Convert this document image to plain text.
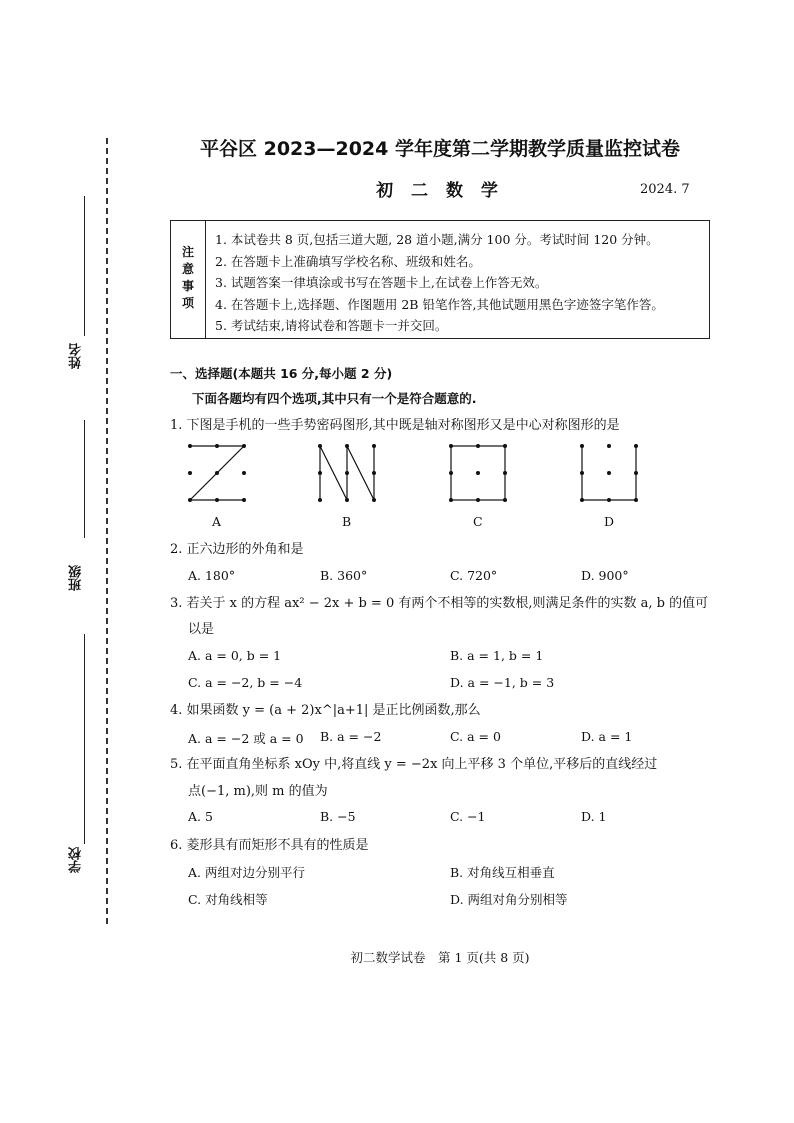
姓名
班级
学校
平谷区 2023—2024 学年度第二学期教学质量监控试卷
初 二 数 学	2024. 7
注
意
事
项
1. 本试卷共 8 页,包括三道大题, 28 道小题,满分 100 分。考试时间 120 分钟。
2. 在答题卡上准确填写学校名称、班级和姓名。
3. 试题答案一律填涂或书写在答题卡上,在试卷上作答无效。
4. 在答题卡上,选择题、作图题用 2B 铅笔作答,其他试题用黑色字迹签字笔作答。
5. 考试结束,请将试卷和答题卡一并交回。
一、选择题(本题共 16 分,每小题 2 分)
下面各题均有四个选项,其中只有一个是符合题意的.
1. 下图是手机的一些手势密码图形,其中既是轴对称图形又是中心对称图形的是
A	B	C	D
2. 正六边形的外角和是
A. 180°	B. 360°	C. 720°	D. 900°
3. 若关于 x 的方程 ax² − 2x + b = 0 有两个不相等的实数根,则满足条件的实数 a, b 的值可
以是
A. a = 0, b = 1	B. a = 1, b = 1
C. a = −2, b = −4	D. a = −1, b = 3
4. 如果函数 y = (a + 2)x^|a+1| 是正比例函数,那么
A. a = −2 或 a = 0 B. a = −2	C. a = 0	D. a = 1
5. 在平面直角坐标系 xOy 中,将直线 y = −2x 向上平移 3 个单位,平移后的直线经过
点(−1, m),则 m 的值为
A. 5	B. −5	C. −1	D. 1
6. 菱形具有而矩形不具有的性质是
A. 两组对边分别平行	B. 对角线互相垂直
C. 对角线相等	D. 两组对角分别相等
初二数学试卷　第 1 页(共 8 页)
